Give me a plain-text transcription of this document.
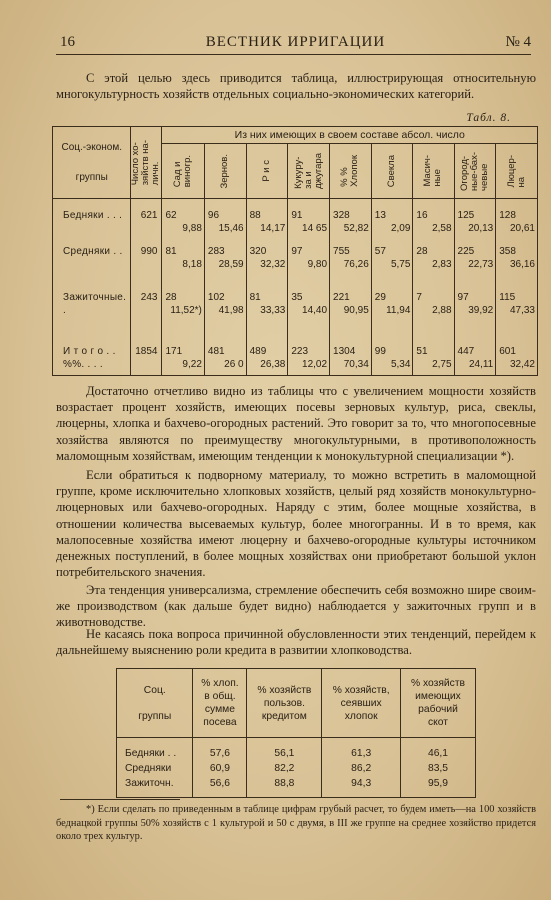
16	ВЕСТНИК ИРРИГАЦИИ	№ 4

С этой целью здесь приводится таблица, иллюстрирующая относительную многокультурность хозяйств отдельных социально-экономических категорий.

Табл. 8.
Соц.-эконом.

группы	Число хо-
зяйств на-
личн.	Из них имеющих в своем составе абсол. число								

		Сад и
виногр.	Зернов.	Р и с	Кукуру-
за и
джугара	% %
Хлопок	Свекла	Масич-
ные	Огород-
ные-бах-
чевые	Люцер-
на

Бедняки . . .	621	62
9,88	96
15,46	88
14,17	91
14 65	328
52,82	13
2,09	16
2,58	125
20,13	128
20,61

Средняки . .	990	81
8,18	283
28,59	320
32,32	97
9,80	755
76,26	57
5,75	28
2,83	225
22,73	358
36,16

Зажиточные. .	243	28
11,52*)	102
41,98	81
33,33	35
14,40	221
90,95	29
11,94	7
2,88	97
39,92	115
47,33

И т о г о . .
%%. . . .	1854	171
9,22	481
26 0	489
26,38	223
12,02	1304
70,34	99
5,34	51
2,75	447
24,11	601
32,42

Достаточно отчетливо видно из таблицы что с увеличением мощности хозяйств возрастает процент хозяйств, имеющих посевы зерновых культур, риса, свеклы, люцерны, хлопка и бахчево-огородных растений. Это говорит за то, что многопосевные хозяйства являются по преимуществу многокультурными, в противоположность маломощным хозяйствам, имеющим тенденции к монокультурной специализации *).

Если обратиться к подворному материалу, то можно встретить в маломощной группе, кроме исключительно хлопковых хозяйств, целый ряд хозяйств монокультурно-люцерновых или бахчево-огородных. Наряду с этим, более мощные хозяйства, в отношении количества высеваемых культур, более многогранны. И в то время, как малопосевные хозяйства имеют люцерну и бахчево-огородные культуры источником денежных поступлений, в более мощных хозяйствах они приобретают большой уклон потребительского значения.

Эта тенденция универсализма, стремление обеспечить себя возможно шире своим-же производством (как дальше будет видно) наблюдается у зажиточных групп и в животноводстве.

Не касаясь пока вопроса причинной обусловленности этих тенденций, перейдем к дальнейшему выяснению роли кредита в развитии хлопководства.

Соц.

группы	% хлоп.
в общ.
сумме
посева	% хозяйств
пользов.
кредитом	% хозяйств,
сеявших
хлопок	% хозяйств
имеющих
рабочий
скот
Бедняки . .	57,6	56,1	61,3	46,1
Средняки	60,9	82,2	86,2	83,5
Зажиточн.	56,6	88,8	94,3	95,9

*) Если сделать по приведенным в таблице цифрам грубый расчет, то будем иметь—на 100 хозяйств беднацкой группы 50% хозяйств с 1 культурой и 50 с двумя, в III же группе на среднее хозяйство придется около трех культур.
